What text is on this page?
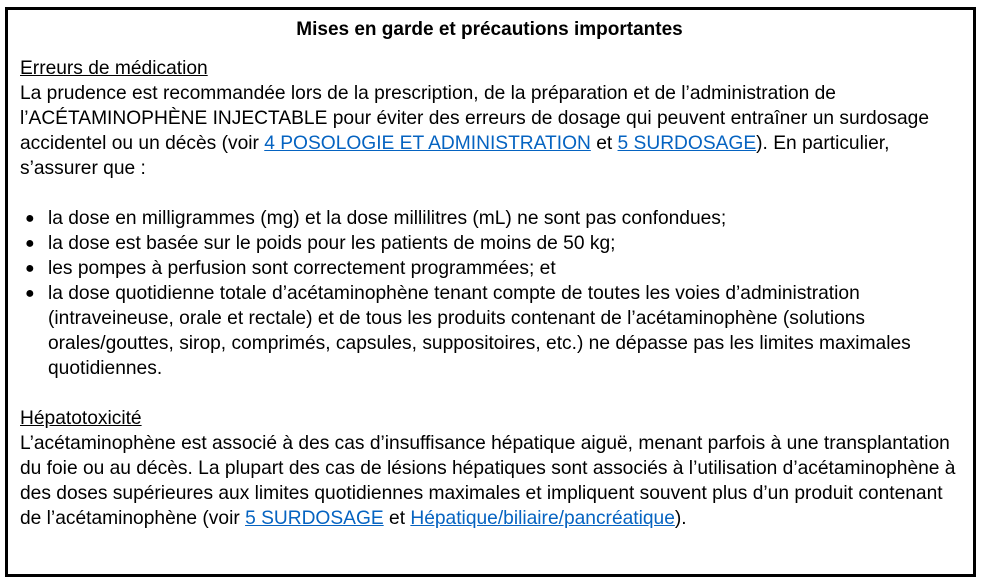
Mises en garde et précautions importantes
Erreurs de médication

La prudence est recommandée lors de la prescription, de la préparation et de l’administration de l’ACÉTAMINOPHÈNE INJECTABLE pour éviter des erreurs de dosage qui peuvent entraîner un surdosage accidentel ou un décès (voir 4 POSOLOGIE ET ADMINISTRATION et 5 SURDOSAGE). En particulier, s’assurer que :

● la dose en milligrammes (mg) et la dose millilitres (mL) ne sont pas confondues;
● la dose est basée sur le poids pour les patients de moins de 50 kg;
● les pompes à perfusion sont correctement programmées; et
● la dose quotidienne totale d’acétaminophène tenant compte de toutes les voies d’administration (intraveineuse, orale et rectale) et de tous les produits contenant de l’acétaminophène (solutions orales/gouttes, sirop, comprimés, capsules, suppositoires, etc.) ne dépasse pas les limites maximales quotidiennes.
Hépatotoxicité

L’acétaminophène est associé à des cas d’insuffisance hépatique aiguë, menant parfois à une transplantation du foie ou au décès. La plupart des cas de lésions hépatiques sont associés à l’utilisation d’acétaminophène à des doses supérieures aux limites quotidiennes maximales et impliquent souvent plus d’un produit contenant de l’acétaminophène (voir 5 SURDOSAGE et Hépatique/biliaire/pancréatique).
